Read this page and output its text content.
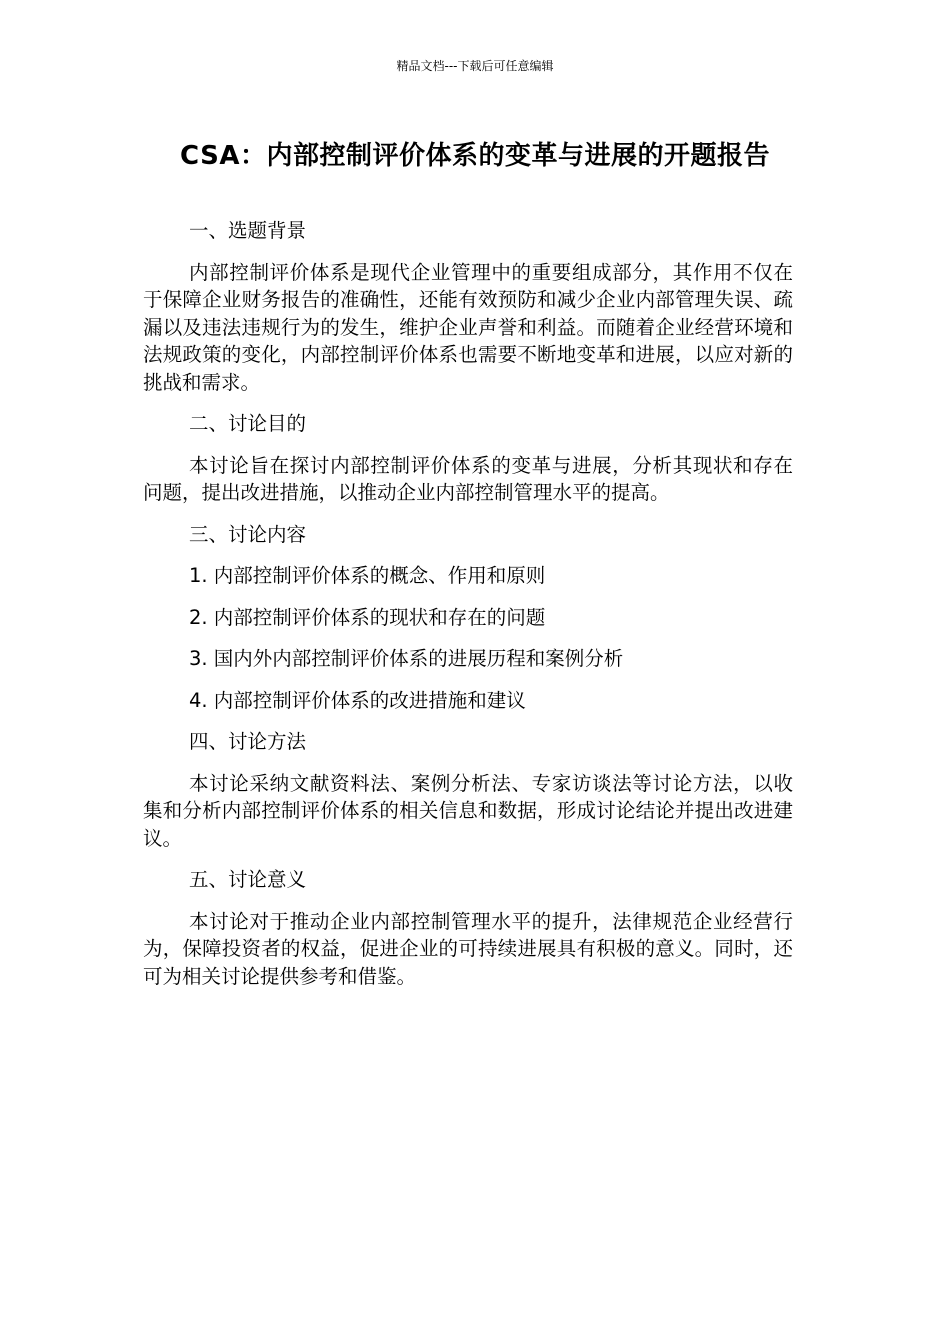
精品文档---下载后可任意编辑
CSA：内部控制评价体系的变革与进展的开题报告
一、选题背景
内部控制评价体系是现代企业管理中的重要组成部分，其作用不仅在于保障企业财务报告的准确性，还能有效预防和减少企业内部管理失误、疏漏以及违法违规行为的发生，维护企业声誉和利益。而随着企业经营环境和法规政策的变化，内部控制评价体系也需要不断地变革和进展，以应对新的挑战和需求。
二、讨论目的
本讨论旨在探讨内部控制评价体系的变革与进展，分析其现状和存在问题，提出改进措施，以推动企业内部控制管理水平的提高。
三、讨论内容
1. 内部控制评价体系的概念、作用和原则
2. 内部控制评价体系的现状和存在的问题
3. 国内外内部控制评价体系的进展历程和案例分析
4. 内部控制评价体系的改进措施和建议
四、讨论方法
本讨论采纳文献资料法、案例分析法、专家访谈法等讨论方法，以收集和分析内部控制评价体系的相关信息和数据，形成讨论结论并提出改进建议。
五、讨论意义
本讨论对于推动企业内部控制管理水平的提升，法律规范企业经营行为，保障投资者的权益，促进企业的可持续进展具有积极的意义。同时，还可为相关讨论提供参考和借鉴。
